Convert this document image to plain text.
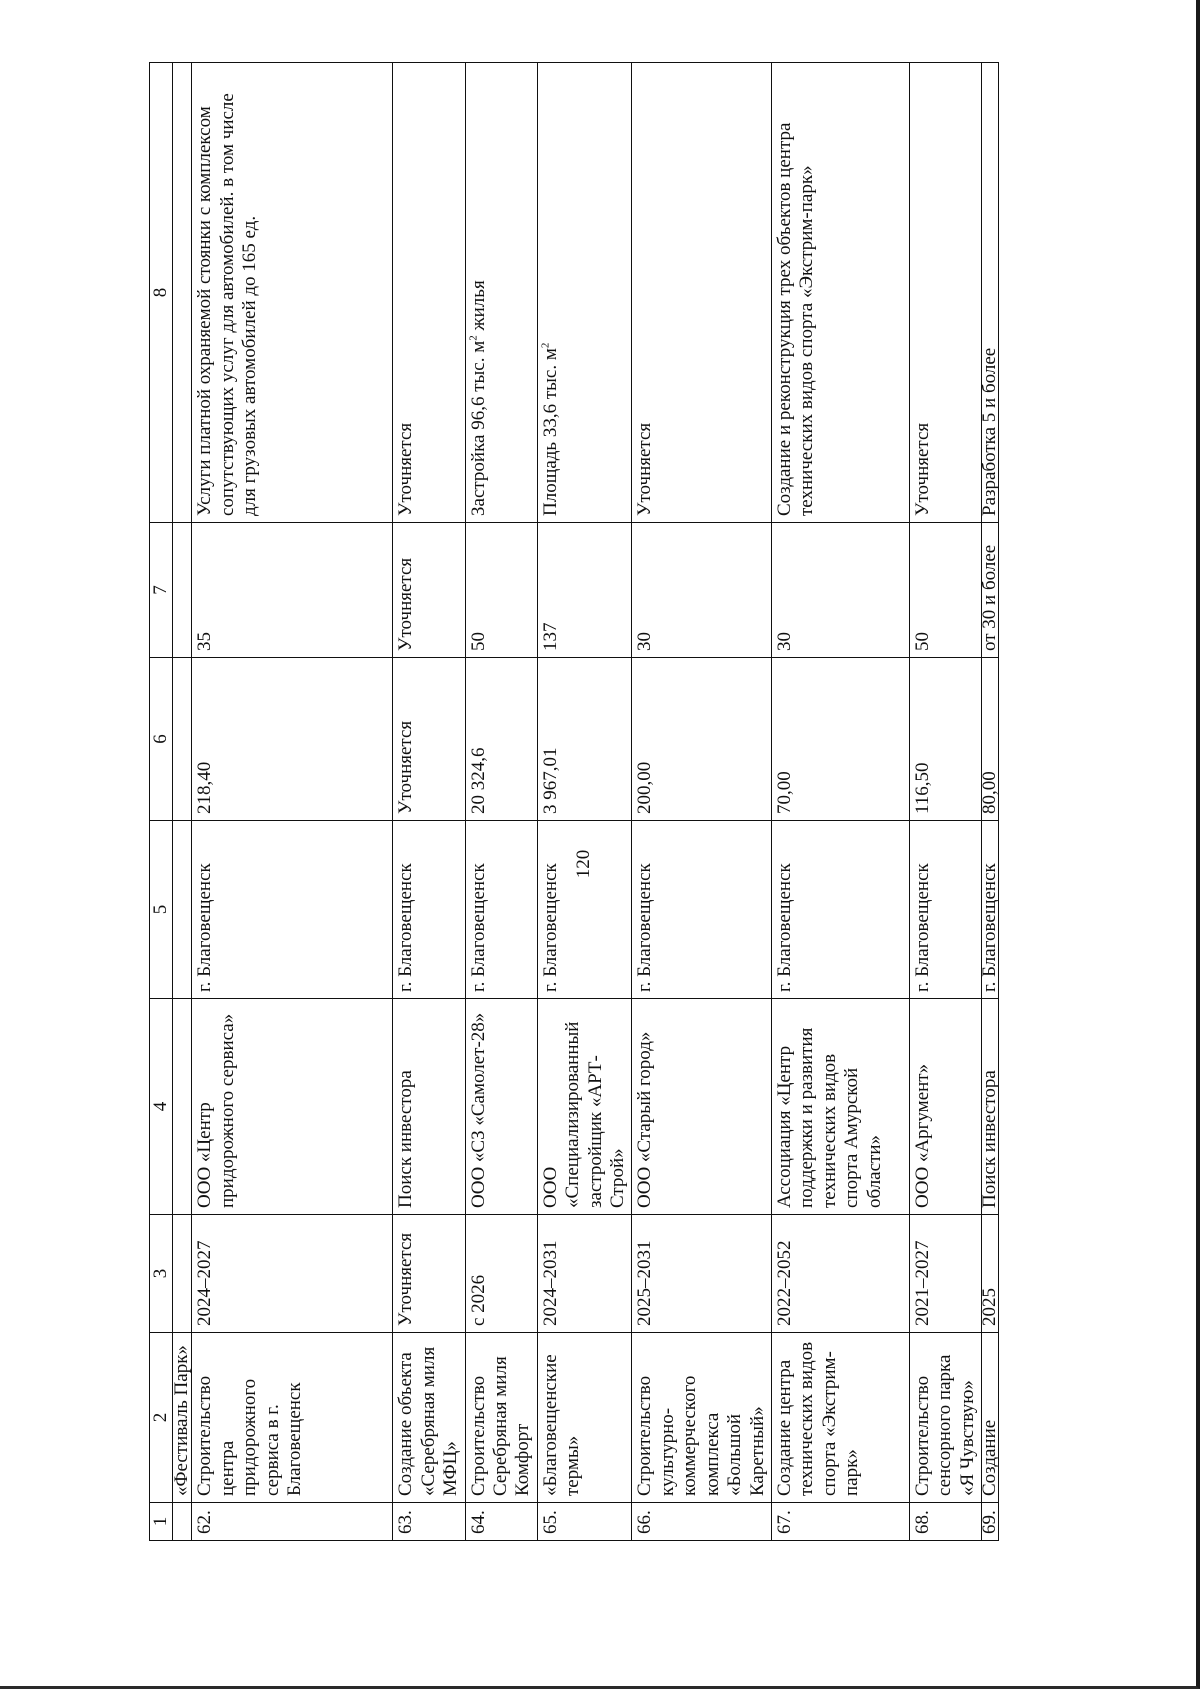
120
1	2	3	4	5	6	7	8
	«Фестиваль Парк»						
62.	Строительство центра придорожного сервиса в г. Благовещенск	2024–2027	ООО «Центр придорожного сервиса»	г. Благовещенск	218,40	35	Услуги платной охраняемой стоянки с комплексом сопутствующих услуг для автомобилей. в том числе для грузовых автомобилей до 165 ед.
63.	Создание объекта «Серебряная миля МФЦ»	Уточняется	Поиск инвестора	г. Благовещенск	Уточняется	Уточняется	Уточняется
64.	Строительство Серебряная миля Комфорт	с 2026	ООО «СЗ «Самолет-28»	г. Благовещенск	20 324,6	50	Застройка 96,6 тыс. $м^2$ жилья
65.	«Благовещенские термы»	2024–2031	ООО «Специализированный застройщик «АРТ-Строй»	г. Благовещенск	3 967,01	137	Площадь 33,6 тыс. $м^2$
66.	Строительство культурно-коммерческого комплекса «Большой Каретный»	2025–2031	ООО «Старый город»	г. Благовещенск	200,00	30	Уточняется
67.	Создание центра технических видов спорта «Экстрим-парк»	2022–2052	Ассоциация «Центр поддержки и развития технических видов спорта Амурской области»	г. Благовещенск	70,00	30	Создание и реконструкция трех объектов центра технических видов спорта «Экстрим-парк»
68.	Строительство сенсорного парка «Я Чувствую»	2021–2027	ООО «Аргумент»	г. Благовещенск	116,50	50	Уточняется
69.	Создание	2025	Поиск инвестора	г. Благовещенск	80,00	от 30 и более	Разработка 5 и более
